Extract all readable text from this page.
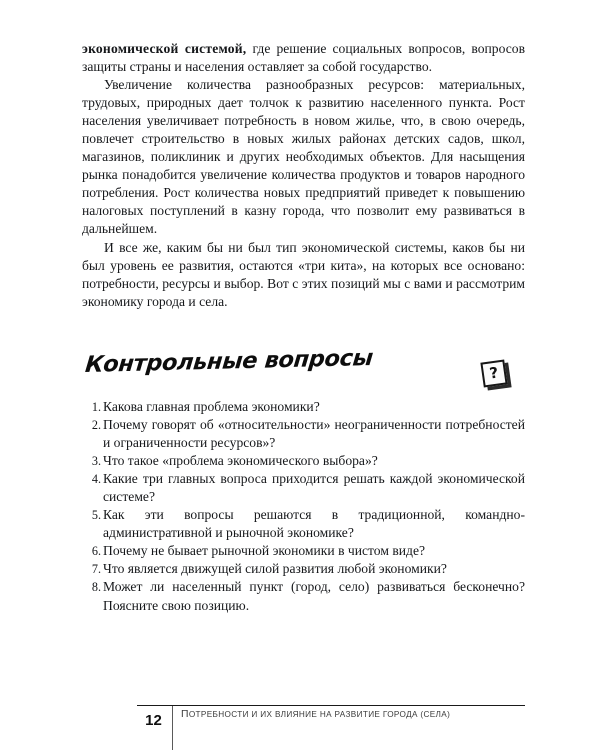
экономической системой, где решение социальных вопросов, вопросов защиты страны и населения оставляет за собой государство.

Увеличение количества разнообразных ресурсов: материальных, трудовых, природных дает толчок к развитию населенного пункта. Рост населения увеличивает потребность в новом жилье, что, в свою очередь, повлечет строительство в новых жилых районах детских садов, школ, магазинов, поликлиник и других необходимых объектов. Для насыщения рынка понадобится увеличение количества продуктов и товаров народного потребления. Рост количества новых предприятий приведет к повышению налоговых поступлений в казну города, что позволит ему развиваться в дальнейшем.

И все же, каким бы ни был тип экономической системы, каков бы ни был уровень ее развития, остаются «три кита», на которых все основано: потребности, ресурсы и выбор. Вот с этих позиций мы с вами и рассмотрим экономику города и села.

Контрольные вопросы	?
1. Какова главная проблема экономики?
2. Почему говорят об «относительности» неограниченности потребностей и ограниченности ресурсов»?
3. Что такое «проблема экономического выбора»?
4. Какие три главных вопроса приходится решать каждой экономической системе?
5. Как эти вопросы решаются в традиционной, командно-административной и рыночной экономике?
6. Почему не бывает рыночной экономики в чистом виде?
7. Что является движущей силой развития любой экономики?
8. Может ли населенный пункт (город, село) развиваться бесконечно? Поясните свою позицию.
12	ПОТРЕБНОСТИ И ИХ ВЛИЯНИЕ НА РАЗВИТИЕ ГОРОДА (СЕЛА)
